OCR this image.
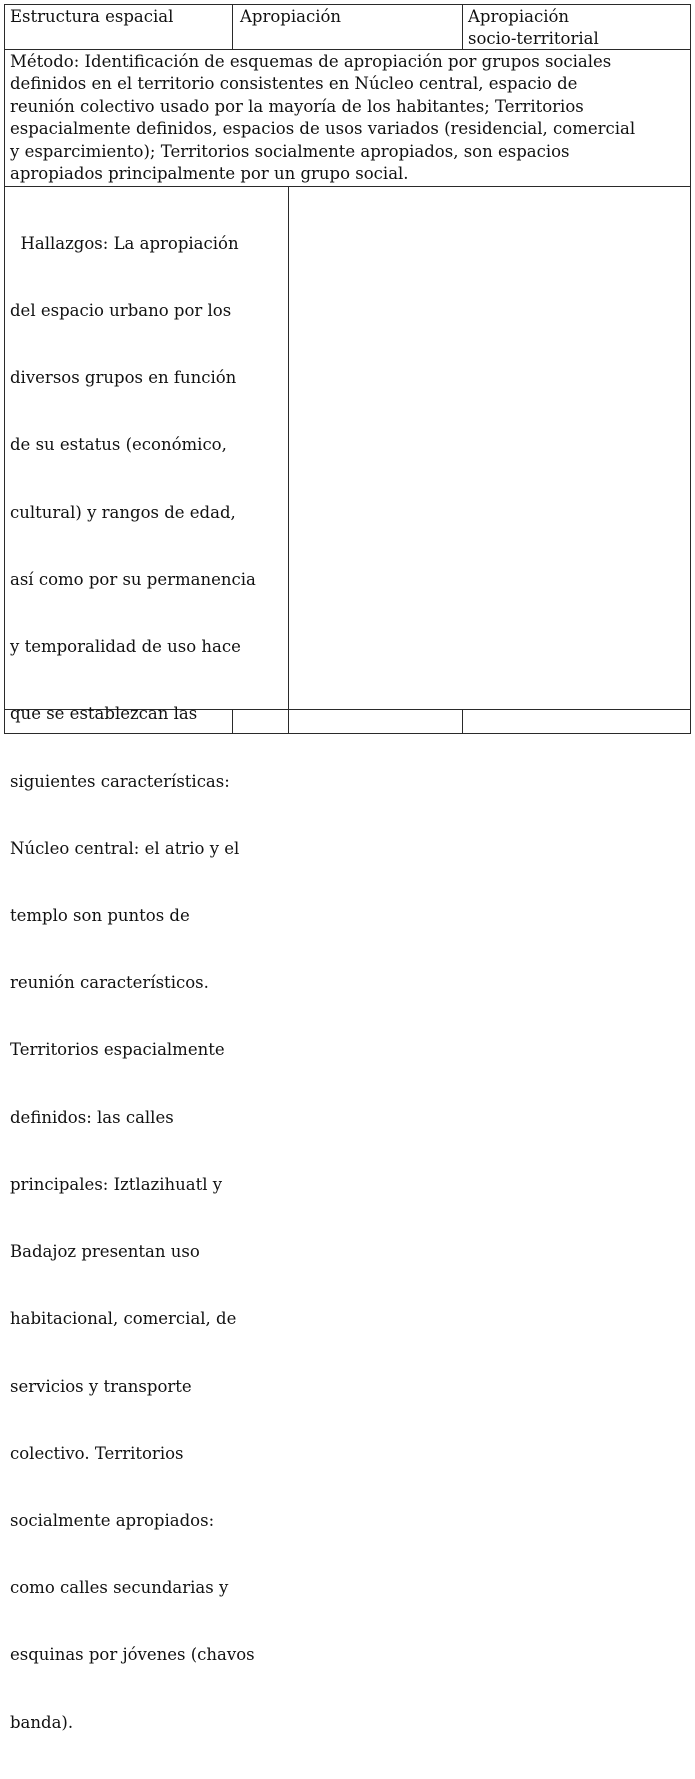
Estructura espacial	Apropiación	Apropiación
socio-territorial
Método: Identificación de esquemas de apropiación por grupos sociales
definidos en el territorio consistentes en Núcleo central, espacio de
reunión colectivo usado por la mayoría de los habitantes; Territorios
espacialmente definidos, espacios de usos variados (residencial, comercial
y esparcimiento); Territorios socialmente apropiados, son espacios
apropiados principalmente por un grupo social.

Hallazgos: La apropiación

del espacio urbano por los

diversos grupos en función

de su estatus (económico,

cultural) y rangos de edad,

así como por su permanencia

y temporalidad de uso hace

que se establezcan las

siguientes características:

Núcleo central: el atrio y el

templo son puntos de

reunión característicos.

Territorios espacialmente

definidos: las calles

principales: Iztlazihuatl y

Badajoz presentan uso

habitacional, comercial, de

servicios y transporte

colectivo. Territorios

socialmente apropiados:

como calles secundarias y

esquinas por jóvenes (chavos

banda).
